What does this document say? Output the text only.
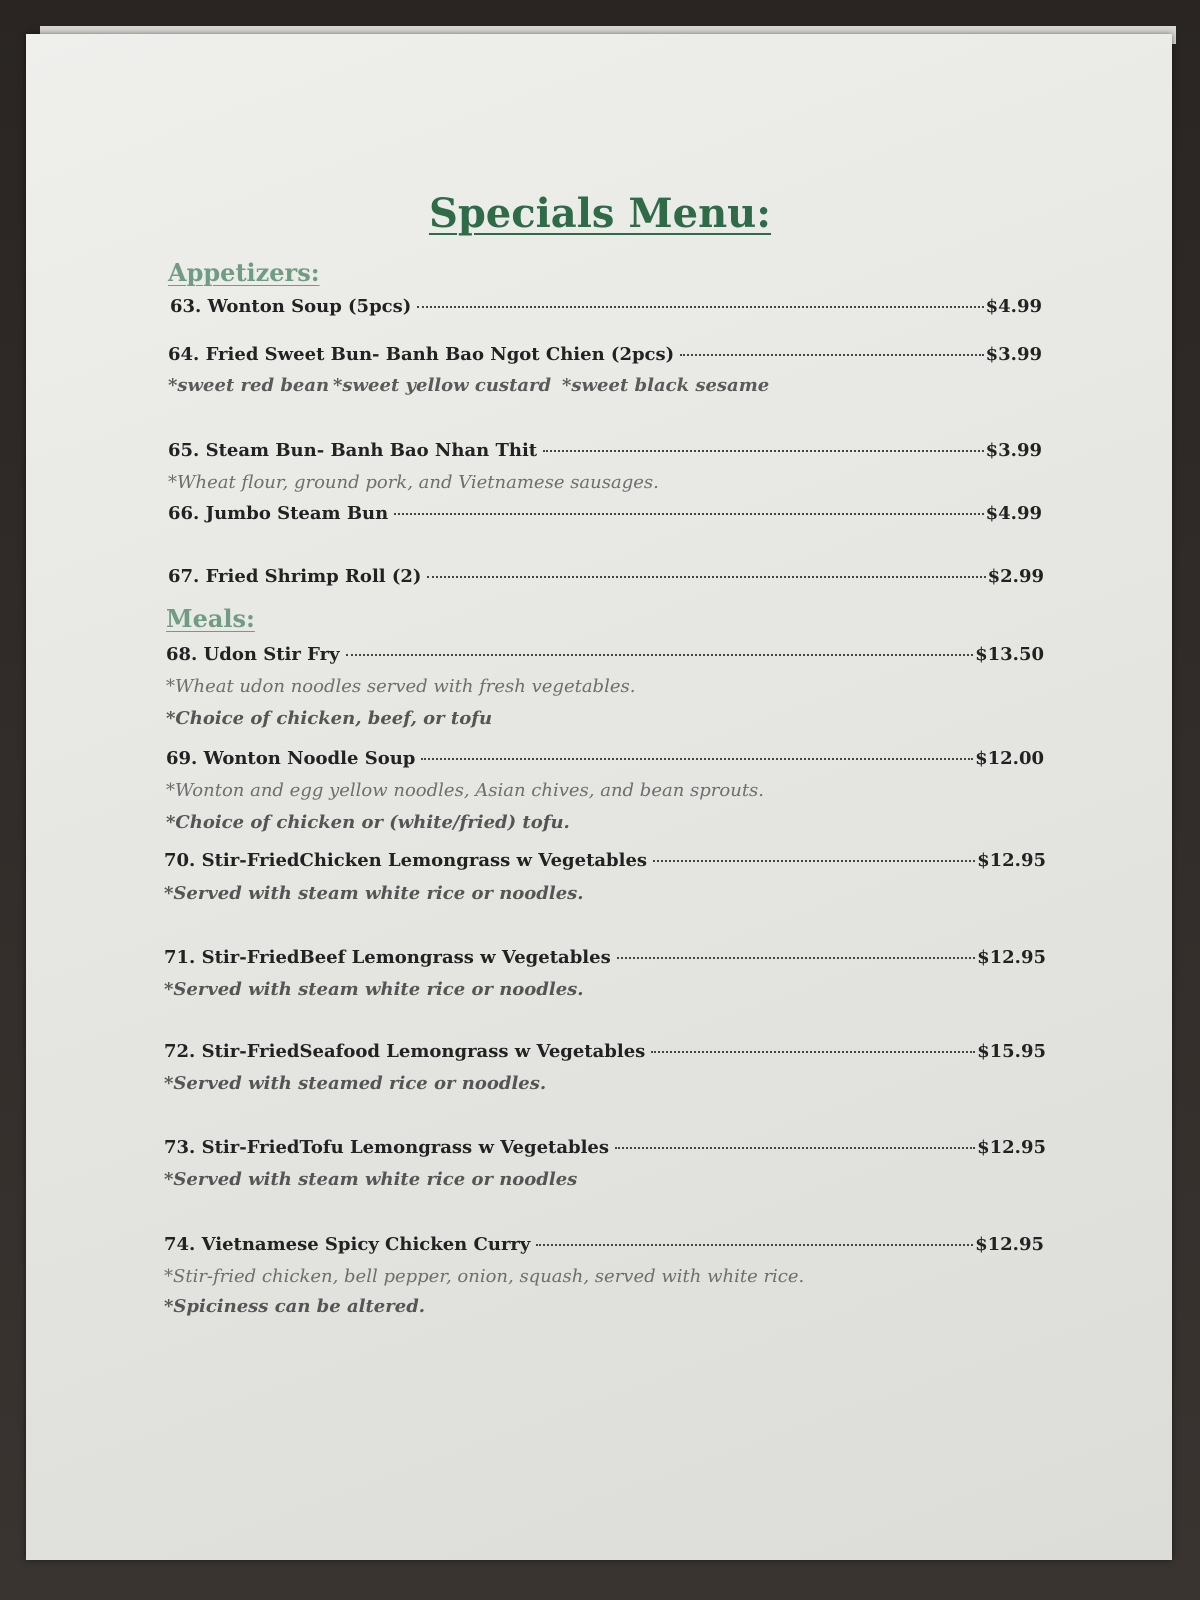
Specials Menu:
Appetizers:
63. Wonton Soup (5pcs)	$4.99
64. Fried Sweet Bun- Banh Bao Ngot Chien (2pcs)	$3.99
*sweet red bean *sweet yellow custard *sweet black sesame
65. Steam Bun- Banh Bao Nhan Thit	$3.99
*Wheat flour, ground pork, and Vietnamese sausages.
66. Jumbo Steam Bun	$4.99
67. Fried Shrimp Roll (2)	$2.99
Meals:
68. Udon Stir Fry	$13.50
*Wheat udon noodles served with fresh vegetables.
*Choice of chicken, beef, or tofu
69. Wonton Noodle Soup	$12.00
*Wonton and egg yellow noodles, Asian chives, and bean sprouts.
*Choice of chicken or (white/fried) tofu.
70. Stir-FriedChicken Lemongrass w Vegetables	$12.95
*Served with steam white rice or noodles.
71. Stir-FriedBeef Lemongrass w Vegetables	$12.95
*Served with steam white rice or noodles.
72. Stir-FriedSeafood Lemongrass w Vegetables	$15.95
*Served with steamed rice or noodles.
73. Stir-FriedTofu Lemongrass w Vegetables	$12.95
*Served with steam white rice or noodles
74. Vietnamese Spicy Chicken Curry	$12.95
*Stir-fried chicken, bell pepper, onion, squash, served with white rice.
*Spiciness can be altered.
